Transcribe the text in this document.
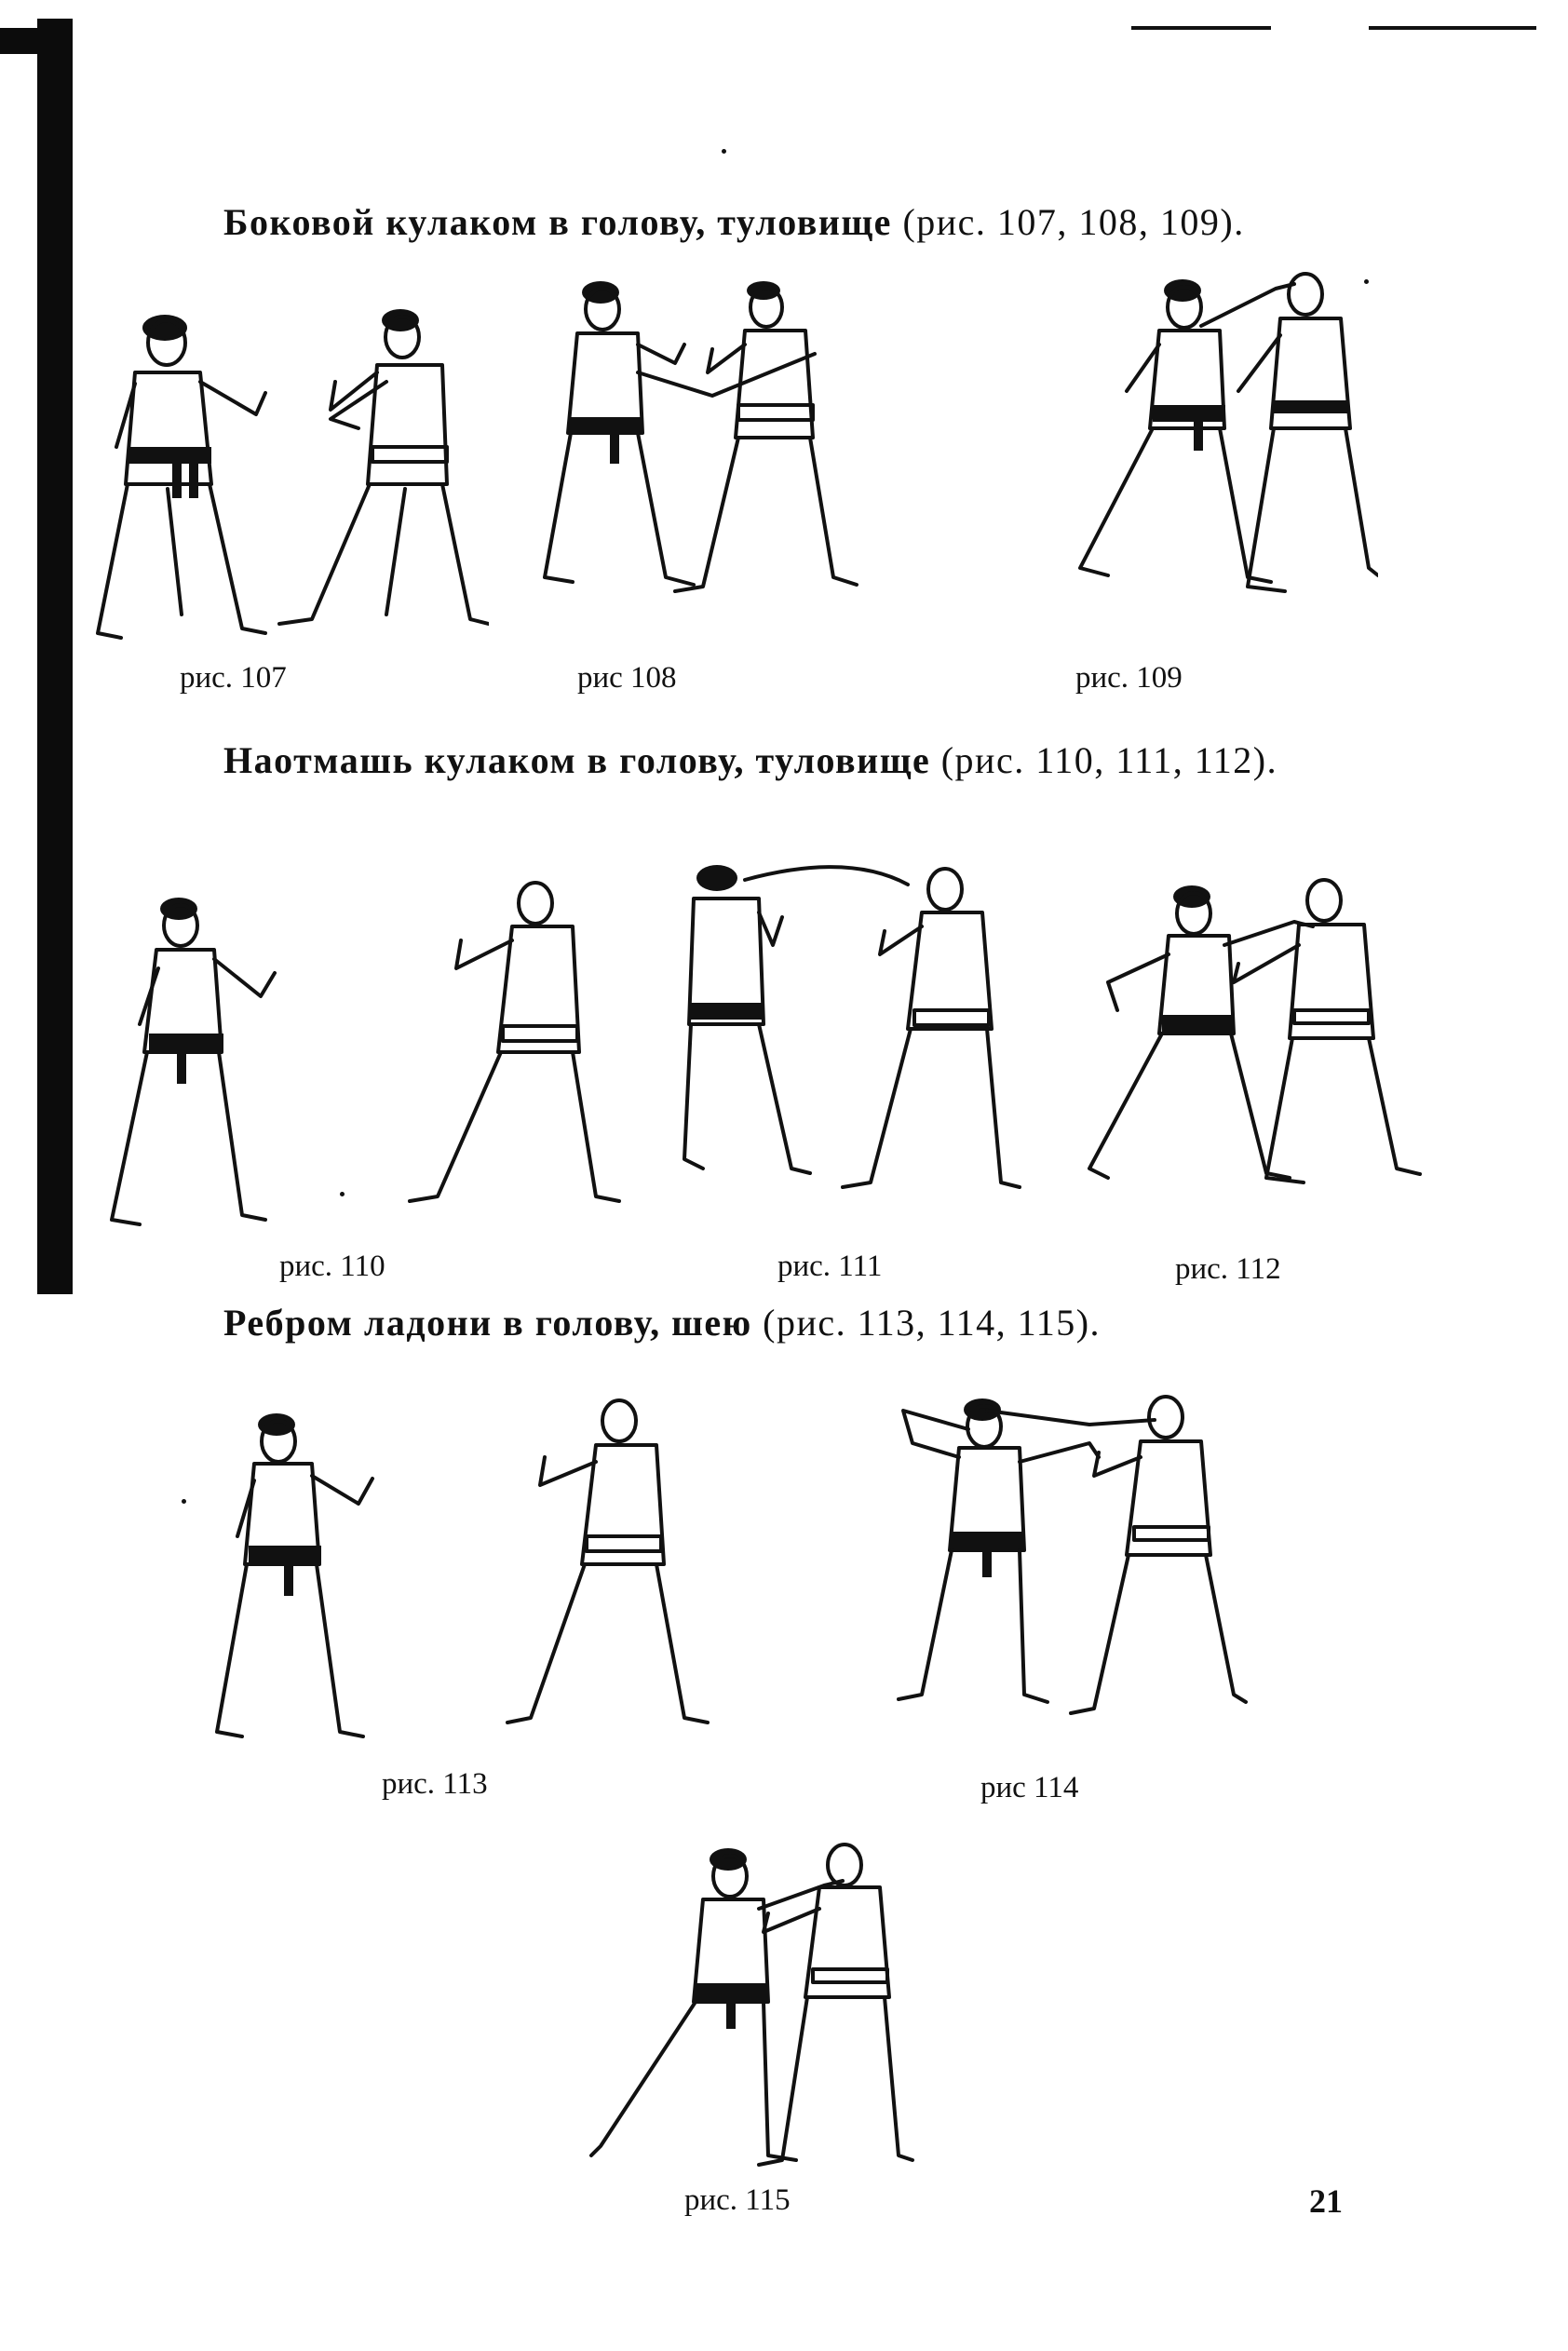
Боковой кулаком в голову, туловище (рис. 107, 108, 109).

рис. 107	рис 108	рис. 109

Наотмашь кулаком в голову, туловище (рис. 110, 111, 112).

рис. 110	рис. 111	рис. 112

Ребром ладони в голову, шею (рис. 113, 114, 115).

рис. 113	рис 114

рис. 115	21
